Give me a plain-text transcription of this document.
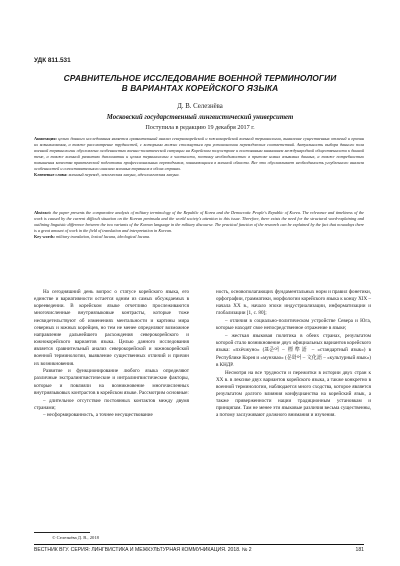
УДК 811.531
СРАВНИТЕЛЬНОЕ ИССЛЕДОВАНИЕ ВОЕННОЙ ТЕРМИНОЛОГИИ В ВАРИАНТАХ КОРЕЙСКОГО ЯЗЫКА
Д. В. Селезнёва
Московский государственный лингвистический университет
Поступила в редакцию 19 декабря 2017 г.
Аннотация: целью данного исследования является сравнительный анализ севернокорейской и южнокорейской военной терминологии, выявление существенных отличий и причин их возникновения, а также рассмотрение трудностей, с которыми можно столкнуться при установлении переводческих соответствий. Актуальность выбора данного поля военной терминологии обусловлена особенностью военно-политической ситуации на Корейском полуострове и постоянным вниманием международной общественности к данной теме, а также военной развитию дипломатии и целям терминологии в частности, поэтому необходимостью в притоке новых языковых данных, а также потребностью повышения качества практической подготовки профессиональных переводчиков, занимающихся в военной области. Все это обуславливает необходимость углубленного анализа особенностей и сопоставительного анализа военных терминов в обоих странах.
Ключевые слова: военный перевод, лексическая лакуна, идеологическая лакуна.
Abstract: the paper presents the comparative analysis of military terminology of the Republic of Korea and the Democratic People's Republic of Korea. The relevance and timeliness of the work is caused by the current difficult situation on the Korean peninsula and the world society's attention to this issue. Therefore, there exists the need for the structural word-explaining and outlining linguistic difference between the two variants of the Korean language in the military discourse. The practical function of the research can be explained by the fact that nowadays there is a great amount of work in the field of translation and interpretation in Korean.
Key words: military translation, lexical lacuna, ideological lacuna.

На сегодняшний день вопрос о статусе корейского языка, его единстве и вариативности остается одним из самых обсуждаемых в корееведении. В корейском языке отчетливо прослеживаются многочисленные внутриязыковые контрасты, которые тоже несвидетельствуют об изменениях ментальности и картины мира северных и южных корейцев, но тем не менее определяют возможное направление дальнейшего расхождения северокорейского и южнокорейского вариантов языка. Целью данного исследования является сравнительный анализ северокорейской и южнокорейской военной терминологии, выявление существенных отличий и причин их возникновения.

Развитие и функционирование любого языка определяют различные экстралингвистические и интралингвистические факторы, которые и повлияли на возникновение многочисленных внутриязыковых контрастов в корейском языке. Рассмотрим основные:

– длительное отсутствие постоянных контактов между двумя странами;

– несформированность, а точнее несуществование

ность, основополагающих фундаментальных норм и правил фонетики, орфографии, грамматики, морфологии корейского языка к концу XIX – начала XX в., начало эпохи индустриализации, информатизации и глобализации [1, с. 80];

– отличия в социально-политическом устройстве Севера и Юга, которые находят свое непосредственное отражение в языке;

– жесткая языковая политика в обеих странах, результатом которой стало возникновение двух официальных вариантов корейского языка: «пхёчжуно» (표준어 – 標準語 – «стандартный язык») в Республике Корея и «мунхвао» (문화어 – 文化語 – «культурный язык») в КНДР.

Несмотря на все трудности и пережитки в истории двух стран к XX в. в лексике двух вариантов корейского языка, а также конкретно в военной терминологии, наблюдается много сходства, которое является результатом долгого влияния конфуцианства на корейский язык, а также приверженности нации традиционным установкам и принципам. Там не менее эти языковые различия весьма существенны, а потому заслуживают должного внимания и изучения.

© Селезнёва Д. В., 2018
ВЕСТНИК ВГУ. СЕРИЯ: ЛИНГВИСТИКА И МЕЖКУЛЬТУРНАЯ КОММУНИКАЦИЯ. 2018. № 2	181
